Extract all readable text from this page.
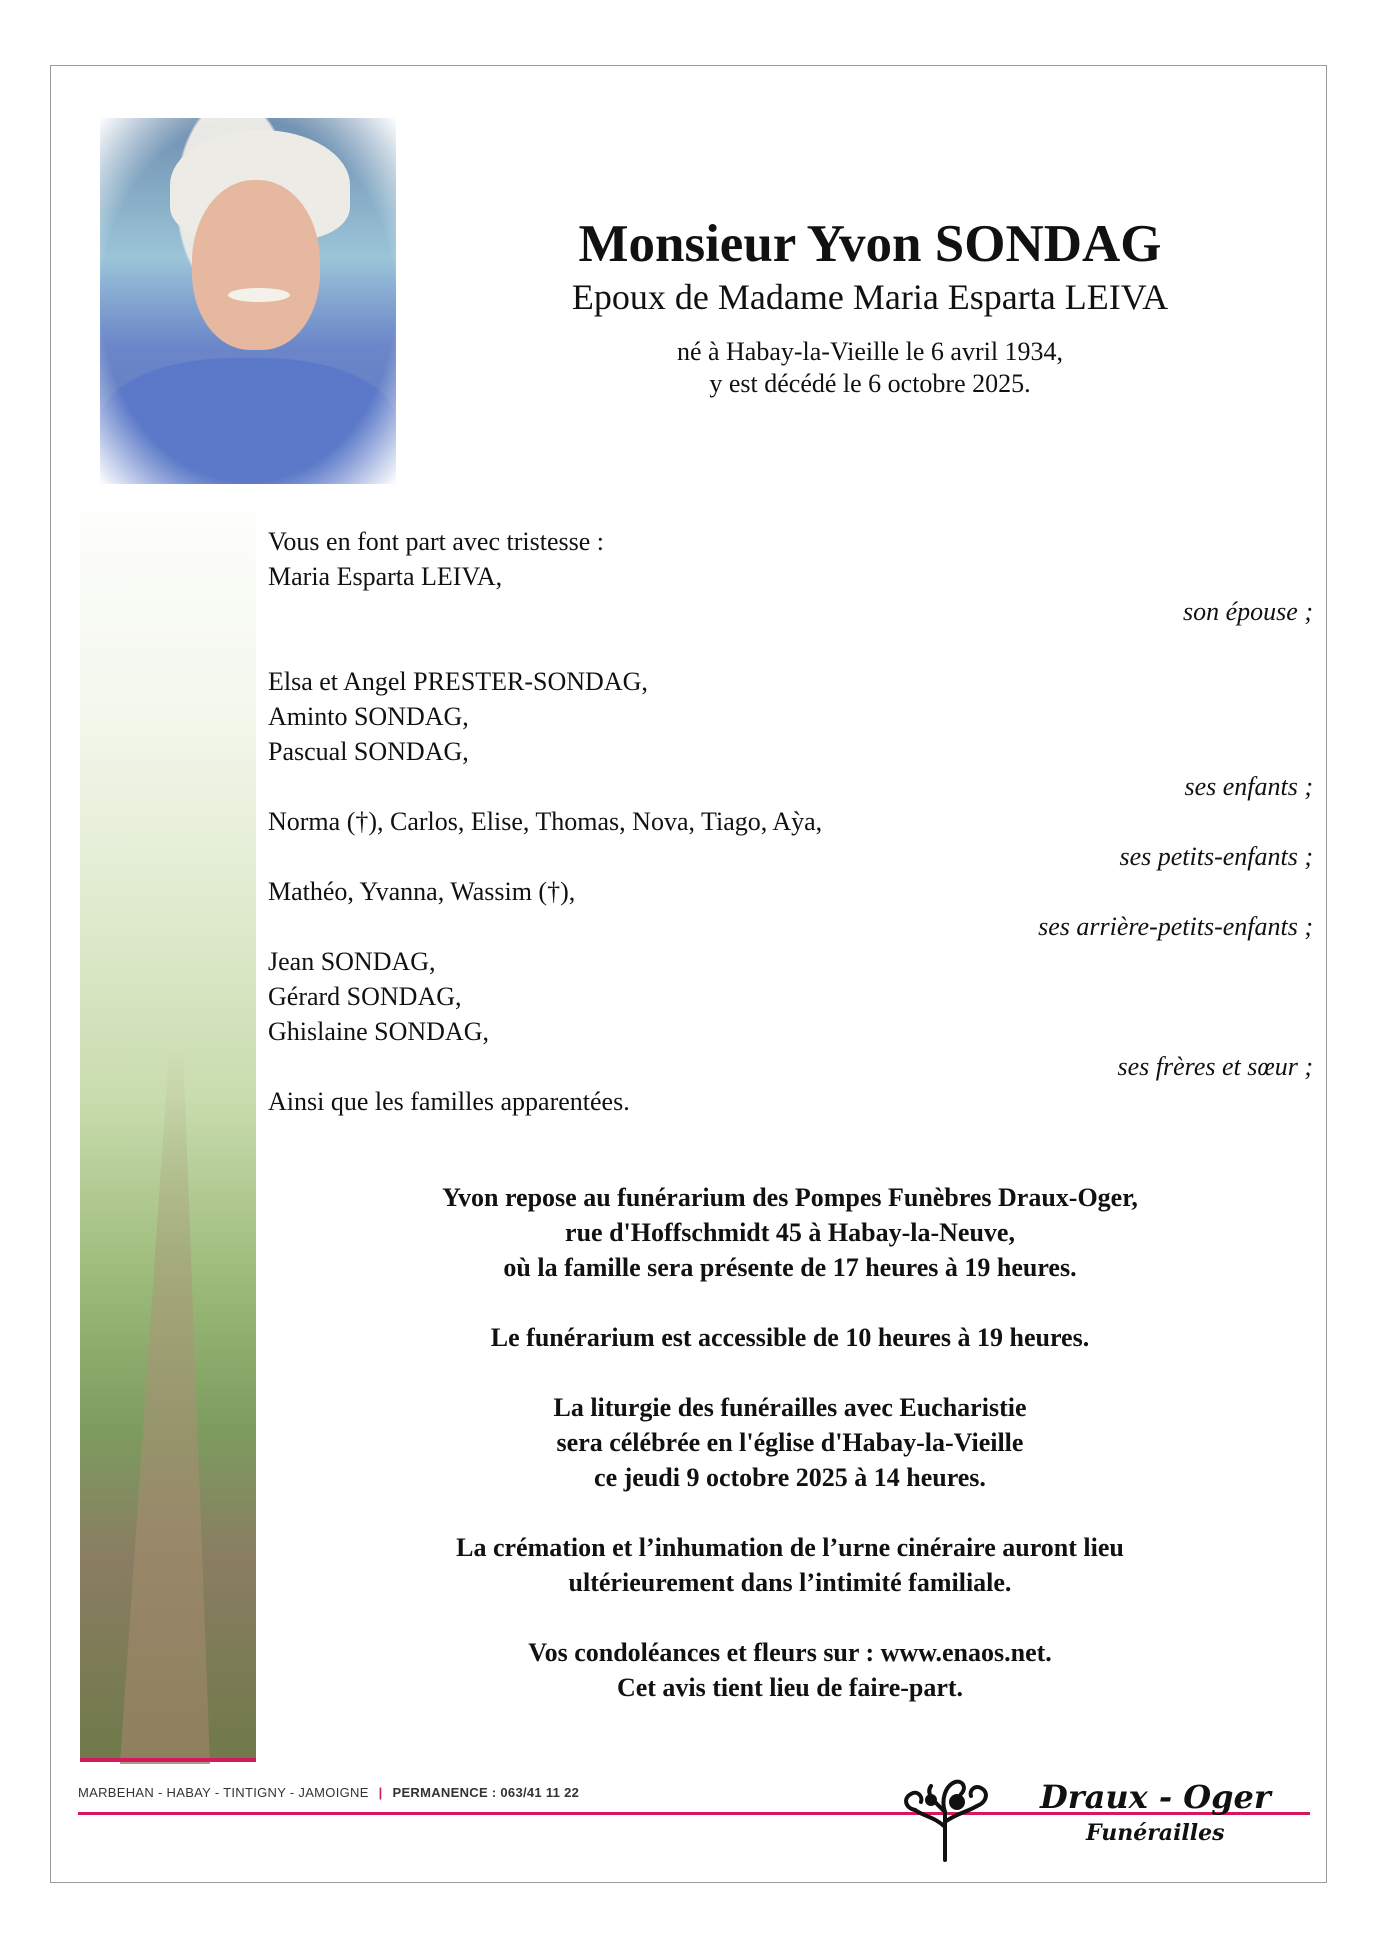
Monsieur Yvon SONDAG
Epoux de Madame Maria Esparta LEIVA
né à Habay-la-Vieille le 6 avril 1934,
y est décédé le 6 octobre 2025.
Vous en font part avec tristesse :
Maria Esparta LEIVA,
son épouse ;
Elsa et Angel PRESTER-SONDAG,
Aminto SONDAG,
Pascual SONDAG,
ses enfants ;
Norma (†), Carlos, Elise, Thomas, Nova, Tiago, Aỳa,
ses petits-enfants ;
Mathéo, Yvanna, Wassim (†),
ses arrière-petits-enfants ;
Jean SONDAG,
Gérard SONDAG,
Ghislaine SONDAG,
ses frères et sœur ;
Ainsi que les familles apparentées.
Yvon repose au funérarium des Pompes Funèbres Draux-Oger,
rue d'Hoffschmidt 45 à Habay-la-Neuve,
où la famille sera présente de 17 heures à 19 heures.
Le funérarium est accessible de 10 heures à 19 heures.
La liturgie des funérailles avec Eucharistie
sera célébrée en l'église d'Habay-la-Vieille
ce jeudi 9 octobre 2025 à 14 heures.
La crémation et l’inhumation de l’urne cinéraire auront lieu
ultérieurement dans l’intimité familiale.
Vos condoléances et fleurs sur : www.enaos.net.
Cet avis tient lieu de faire-part.
MARBEHAN - HABAY - TINTIGNY - JAMOIGNE | PERMANENCE : 063/41 11 22	Draux - Oger
Funérailles
